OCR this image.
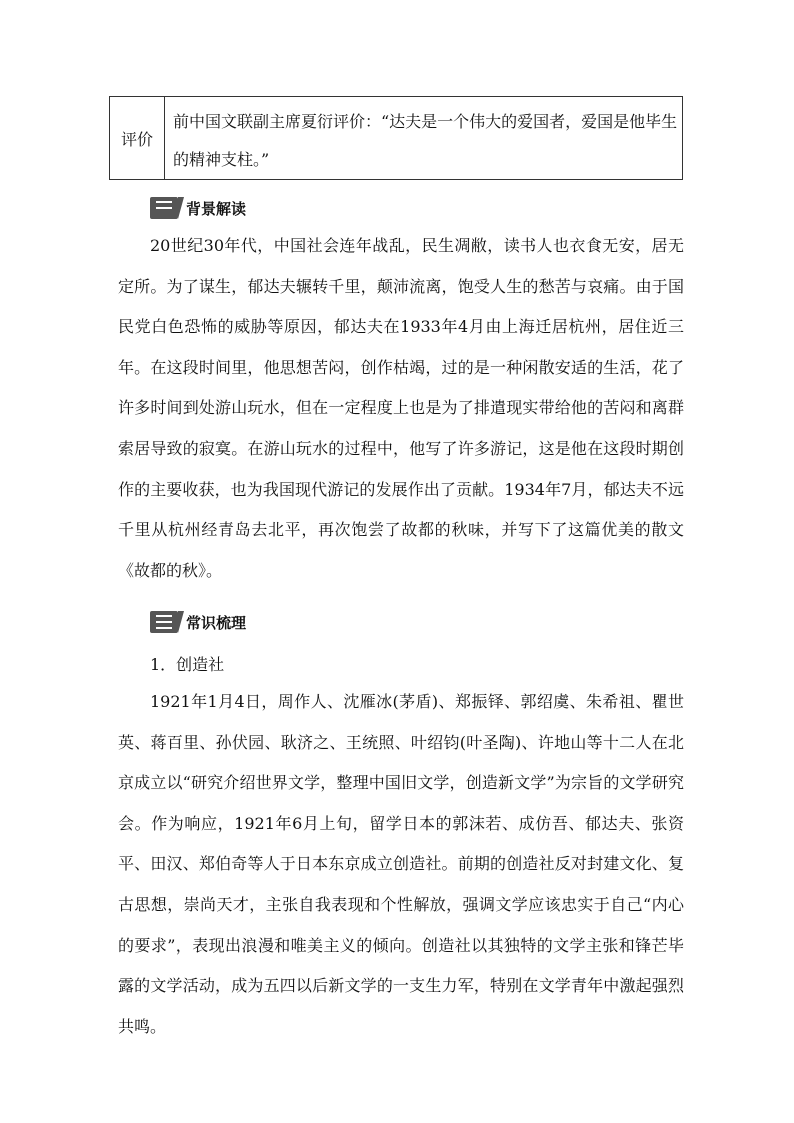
评价
前中国文联副主席夏衍评价：“达夫是一个伟大的爱国者，爱国是他毕生的精神支柱。”
背景解读
20世纪30年代，中国社会连年战乱，民生凋敝，读书人也衣食无安，居无定所。为了谋生，郁达夫辗转千里，颠沛流离，饱受人生的愁苦与哀痛。由于国民党白色恐怖的威胁等原因，郁达夫在1933年4月由上海迁居杭州，居住近三年。在这段时间里，他思想苦闷，创作枯竭，过的是一种闲散安适的生活，花了许多时间到处游山玩水，但在一定程度上也是为了排遣现实带给他的苦闷和离群索居导致的寂寞。在游山玩水的过程中，他写了许多游记，这是他在这段时期创作的主要收获，也为我国现代游记的发展作出了贡献。1934年7月，郁达夫不远千里从杭州经青岛去北平，再次饱尝了故都的秋味，并写下了这篇优美的散文《故都的秋》。
常识梳理
1．创造社
1921年1月4日，周作人、沈雁冰(茅盾)、郑振铎、郭绍虞、朱希祖、瞿世英、蒋百里、孙伏园、耿济之、王统照、叶绍钧(叶圣陶)、许地山等十二人在北京成立以“研究介绍世界文学，整理中国旧文学，创造新文学”为宗旨的文学研究会。作为响应，1921年6月上旬，留学日本的郭沫若、成仿吾、郁达夫、张资平、田汉、郑伯奇等人于日本东京成立创造社。前期的创造社反对封建文化、复古思想，崇尚天才，主张自我表现和个性解放，强调文学应该忠实于自己“内心的要求”，表现出浪漫和唯美主义的倾向。创造社以其独特的文学主张和锋芒毕露的文学活动，成为五四以后新文学的一支生力军，特别在文学青年中激起强烈共鸣。
